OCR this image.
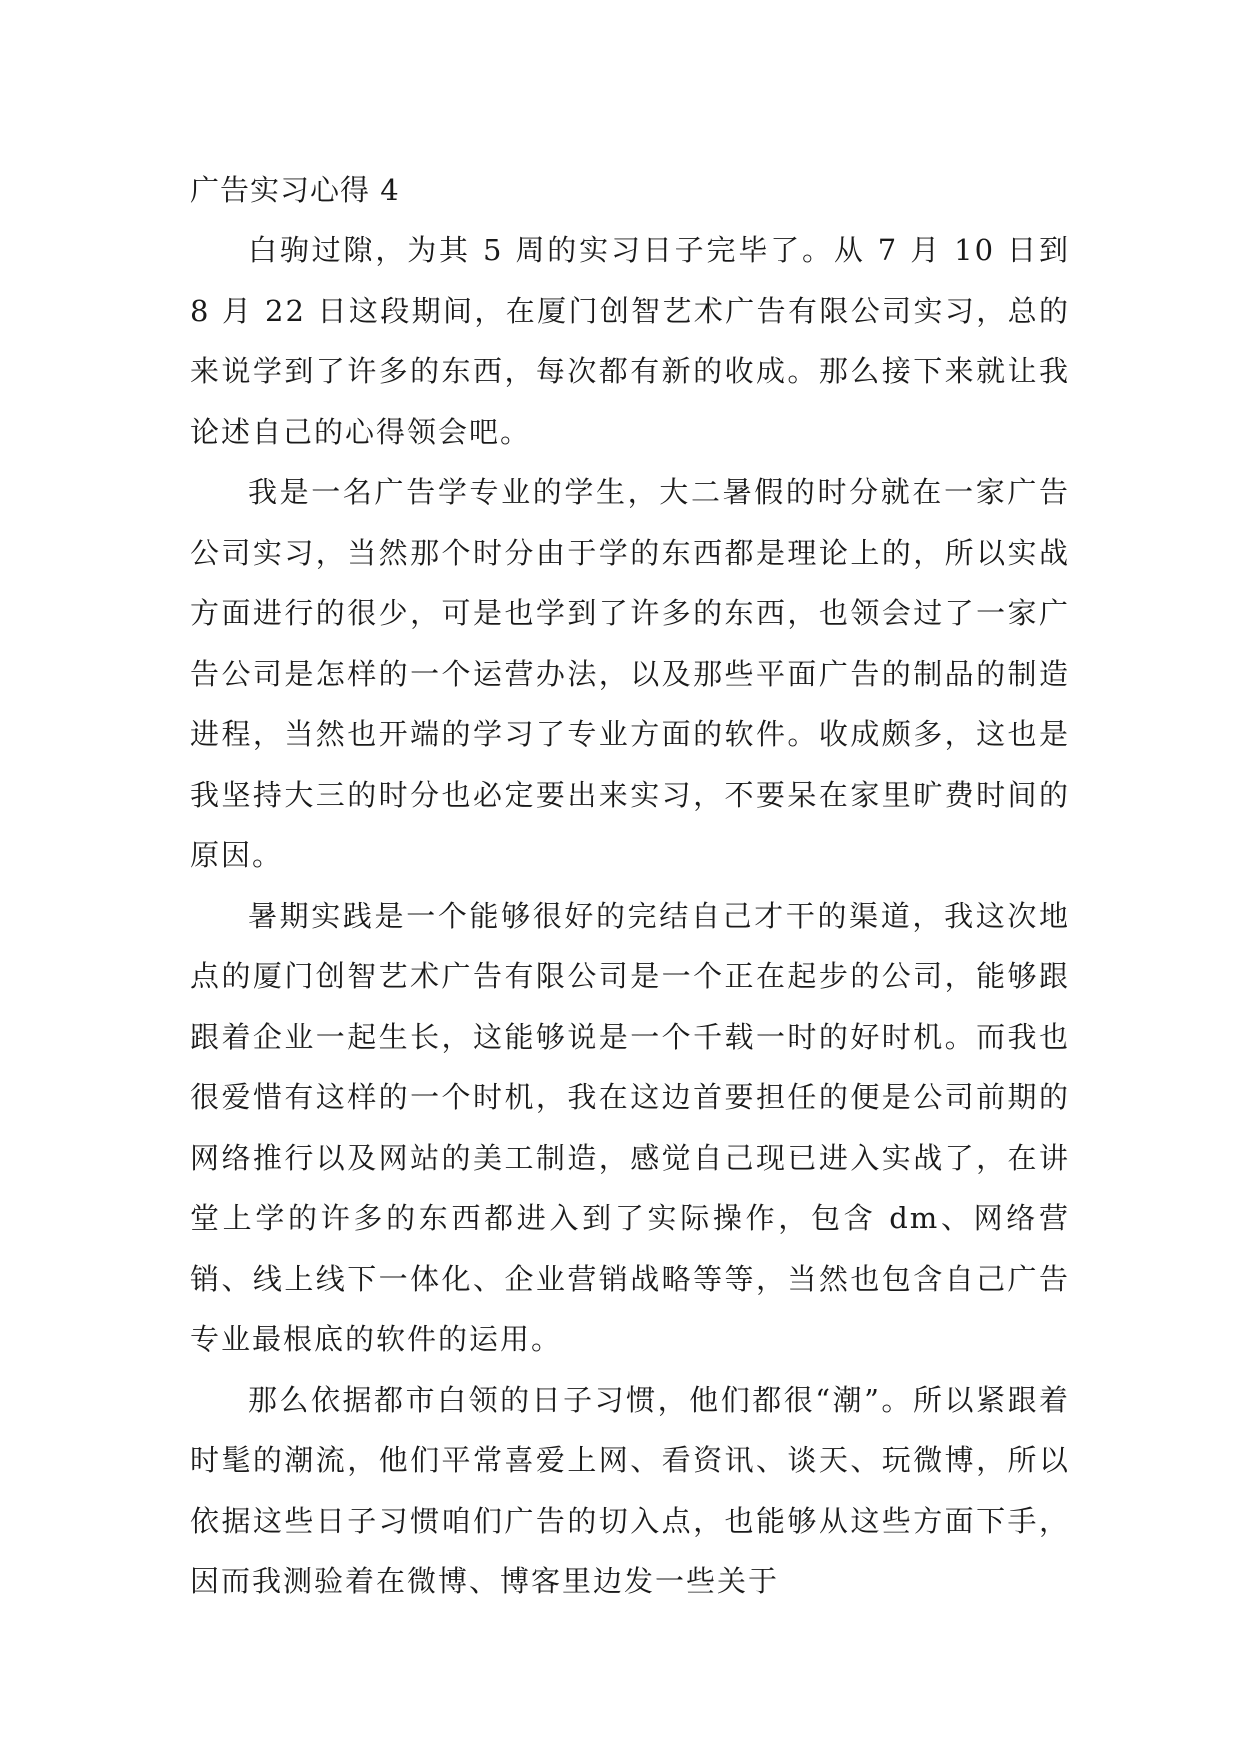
广告实习心得 4

白驹过隙，为其 5 周的实习日子完毕了。从 7 月 10 日到 8 月 22 日这段期间，在厦门创智艺术广告有限公司实习，总的来说学到了许多的东西，每次都有新的收成。那么接下来就让我论述自己的心得领会吧。

我是一名广告学专业的学生，大二暑假的时分就在一家广告公司实习，当然那个时分由于学的东西都是理论上的，所以实战方面进行的很少，可是也学到了许多的东西，也领会过了一家广告公司是怎样的一个运营办法，以及那些平面广告的制品的制造进程，当然也开端的学习了专业方面的软件。收成颇多，这也是我坚持大三的时分也必定要出来实习，不要呆在家里旷费时间的原因。

暑期实践是一个能够很好的完结自己才干的渠道，我这次地点的厦门创智艺术广告有限公司是一个正在起步的公司，能够跟跟着企业一起生长，这能够说是一个千载一时的好时机。而我也很爱惜有这样的一个时机，我在这边首要担任的便是公司前期的网络推行以及网站的美工制造，感觉自己现已进入实战了，在讲堂上学的许多的东西都进入到了实际操作，包含 dm、网络营销、线上线下一体化、企业营销战略等等，当然也包含自己广告专业最根底的软件的运用。

那么依据都市白领的日子习惯，他们都很“潮”。所以紧跟着时髦的潮流，他们平常喜爱上网、看资讯、谈天、玩微博，所以依据这些日子习惯咱们广告的切入点，也能够从这些方面下手，因而我测验着在微博、博客里边发一些关于
